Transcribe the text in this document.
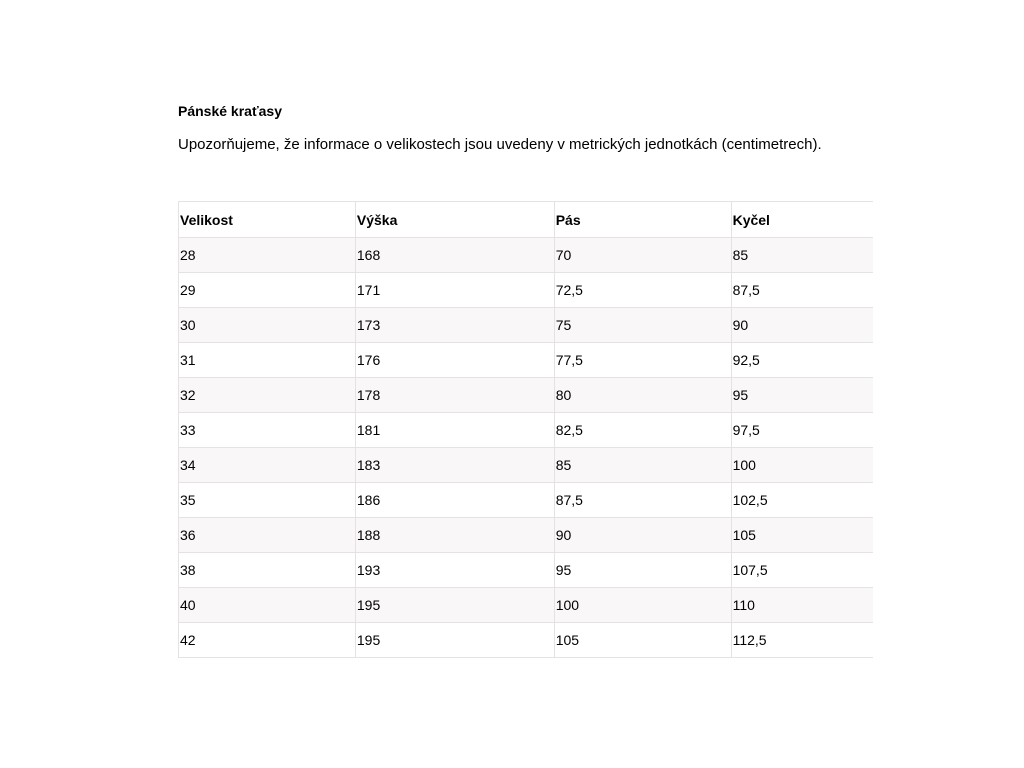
Pánské kraťasy
Upozorňujeme, že informace o velikostech jsou uvedeny v metrických jednotkách (centimetrech).
Velikost	Výška	Pás	Kyčel
28	168	70	85
29	171	72,5	87,5
30	173	75	90
31	176	77,5	92,5
32	178	80	95
33	181	82,5	97,5
34	183	85	100
35	186	87,5	102,5
36	188	90	105
38	193	95	107,5
40	195	100	110
42	195	105	112,5
